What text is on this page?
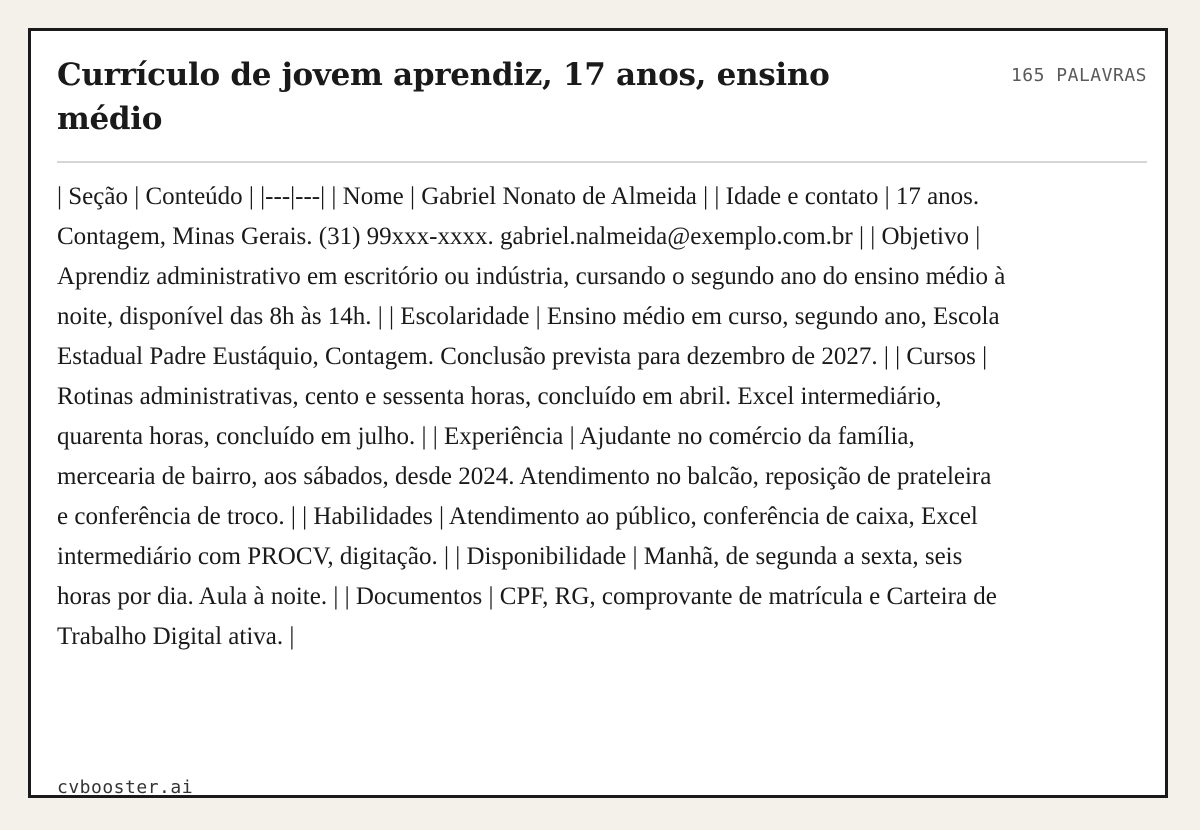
Currículo de jovem aprendiz, 17 anos, ensino médio
165 PALAVRAS

| Seção | Conteúdo | |---|---| | Nome | Gabriel Nonato de Almeida | | Idade e contato | 17 anos. Contagem, Minas Gerais. (31) 99xxx-xxxx. gabriel.nalmeida@exemplo.com.br | | Objetivo | Aprendiz administrativo em escritório ou indústria, cursando o segundo ano do ensino médio à noite, disponível das 8h às 14h. | | Escolaridade | Ensino médio em curso, segundo ano, Escola Estadual Padre Eustáquio, Contagem. Conclusão prevista para dezembro de 2027. | | Cursos | Rotinas administrativas, cento e sessenta horas, concluído em abril. Excel intermediário, quarenta horas, concluído em julho. | | Experiência | Ajudante no comércio da família, mercearia de bairro, aos sábados, desde 2024. Atendimento no balcão, reposição de prateleira e conferência de troco. | | Habilidades | Atendimento ao público, conferência de caixa, Excel intermediário com PROCV, digitação. | | Disponibilidade | Manhã, de segunda a sexta, seis horas por dia. Aula à noite. | | Documentos | CPF, RG, comprovante de matrícula e Carteira de Trabalho Digital ativa. |

cvbooster.ai
